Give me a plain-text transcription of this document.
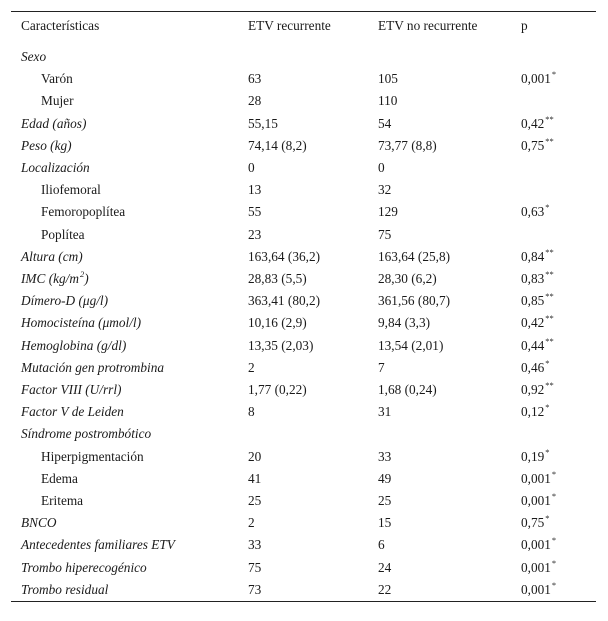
Características	ETV recurrente	ETV no recurrente	p
Sexo			
Varón	63	105	0,001*
Mujer	28	110	
Edad (años)	55,15	54	0,42**
Peso (kg)	74,14 (8,2)	73,77 (8,8)	0,75**
Localización	0	0	
Iliofemoral	13	32	
Femoropoplítea	55	129	0,63*
Poplítea	23	75	
Altura (cm)	163,64 (36,2)	163,64 (25,8)	0,84**
IMC $(kg/m^2)$	28,83 (5,5)	28,30 (6,2)	0,83**
Dímero-D (μg/l)	363,41 (80,2)	361,56 (80,7)	0,85**
Homocisteína (μmol/l)	10,16 (2,9)	9,84 (3,3)	0,42**
Hemoglobina (g/dl)	13,35 (2,03)	13,54 (2,01)	0,44**
Mutación gen protrombina	2	7	0,46*
Factor VIII (U/rrl)	1,77 (0,22)	1,68 (0,24)	0,92**
Factor V de Leiden	8	31	0,12*
Síndrome postrombótico			
Hiperpigmentación	20	33	0,19*
Edema	41	49	0,001*
Eritema	25	25	0,001*
BNCO	2	15	0,75*
Antecedentes familiares ETV	33	6	0,001*
Trombo hiperecogénico	75	24	0,001*
Trombo residual	73	22	0,001*
